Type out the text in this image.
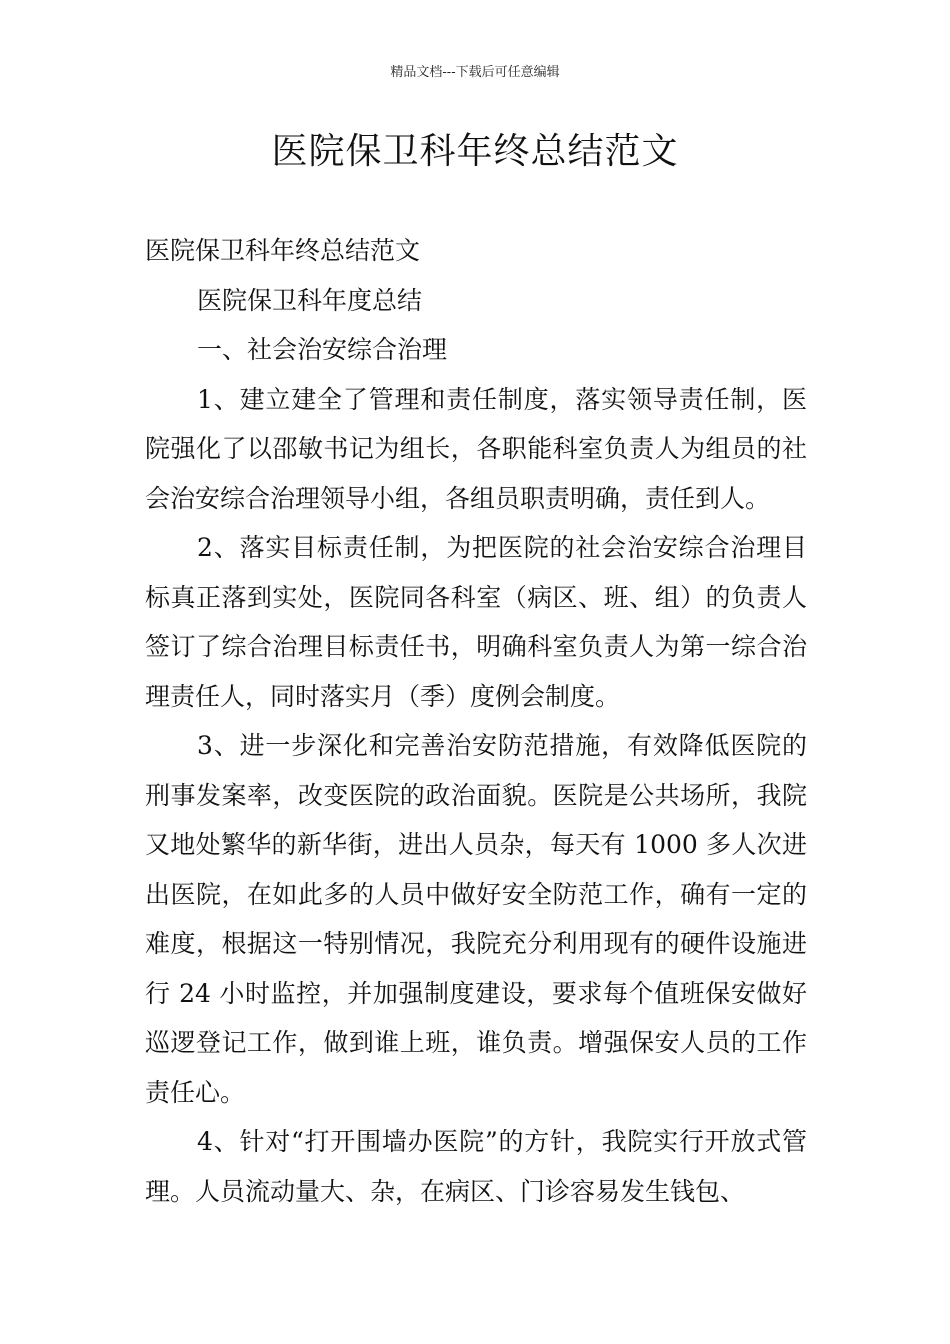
精品文档---下载后可任意编辑
医院保卫科年终总结范文

医院保卫科年终总结范文

医院保卫科年度总结

一、社会治安综合治理

1、建立建全了管理和责任制度，落实领导责任制，医院强化了以邵敏书记为组长，各职能科室负责人为组员的社会治安综合治理领导小组，各组员职责明确，责任到人。

2、落实目标责任制，为把医院的社会治安综合治理目标真正落到实处，医院同各科室（病区、班、组）的负责人签订了综合治理目标责任书，明确科室负责人为第一综合治理责任人，同时落实月（季）度例会制度。

3、进一步深化和完善治安防范措施，有效降低医院的刑事发案率，改变医院的政治面貌。医院是公共场所，我院又地处繁华的新华街，进出人员杂，每天有 1000 多人次进出医院，在如此多的人员中做好安全防范工作，确有一定的难度，根据这一特别情况，我院充分利用现有的硬件设施进行 24 小时监控，并加强制度建设，要求每个值班保安做好巡逻登记工作，做到谁上班，谁负责。增强保安人员的工作责任心。

4、针对“打开围墙办医院”的方针，我院实行开放式管理。人员流动量大、杂，在病区、门诊容易发生钱包、
